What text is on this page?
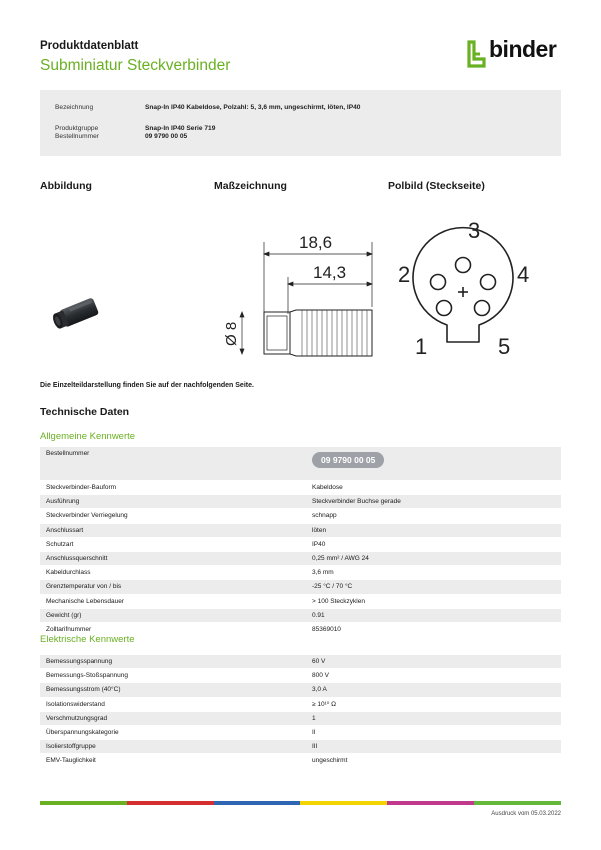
Produktdatenblatt
Subminiatur Steckverbinder
binder
Bezeichnung	Snap-In IP40 Kabeldose, Polzahl: 5, 3,6 mm, ungeschirmt, löten, IP40
Produktgruppe	Snap-In IP40 Serie 719
Bestellnummer	09 9790 00 05
Abbildung	Maßzeichnung	Polbild (Steckseite)
18,6
14,3
Ø 8
1
2
3
4
5
Die Einzelteildarstellung finden Sie auf der nachfolgenden Seite.
Technische Daten
Allgemeine Kennwerte
Bestellnummer	09 9790 00 05
Steckverbinder-Bauform	Kabeldose
Ausführung	Steckverbinder Buchse gerade
Steckverbinder Verriegelung	schnapp
Anschlussart	löten
Schutzart	IP40
Anschlussquerschnitt	0,25 mm² / AWG 24
Kabeldurchlass	3,6 mm
Grenztemperatur von / bis	-25 °C / 70 °C
Mechanische Lebensdauer	> 100 Steckzyklen
Gewicht (gr)	0.91
Zolltarifnummer	85369010
Elektrische Kennwerte
Bemessungsspannung	60 V
Bemessungs-Stoßspannung	800 V
Bemessungsstrom (40°C)	3,0 A
Isolationswiderstand	≥ 10¹⁰ Ω
Verschmutzungsgrad	1
Überspannungskategorie	II
Isolierstoffgruppe	III
EMV-Tauglichkeit	ungeschirmt
Ausdruck vom 05.03.2022
